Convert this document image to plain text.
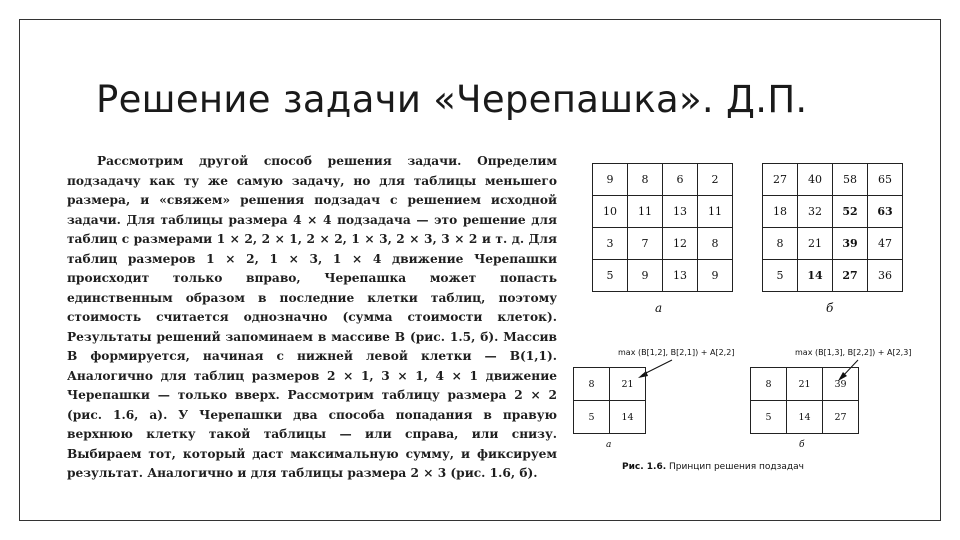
Решение задачи «Черепашка». Д.П.

Рассмотрим другой способ решения задачи. Определим подзадачу как ту же самую задачу, но для таблицы меньшего размера, и «свяжем» решения подзадач с решением исходной задачи. Для таблицы размера 4 × 4 подзадача — это решение для таблиц с размерами 1 × 2, 2 × 1, 2 × 2, 1 × 3, 2 × 3, 3 × 2 и т. д. Для таблиц размеров 1 × 2, 1 × 3, 1 × 4 движение Черепашки происходит только вправо, Черепашка может попасть единственным образом в последние клетки таблиц, поэтому стоимость считается однозначно (сумма стоимости клеток). Результаты решений запоминаем в массиве B (рис. 1.5, б). Массив B формируется, начиная с нижней левой клетки — B(1,1). Аналогично для таблиц размеров 2 × 1, 3 × 1, 4 × 1 движение Черепашки — только вверх. Рассмотрим таблицу размера 2 × 2 (рис. 1.6, а). У Черепашки два способа попадания в правую верхнюю клетку такой таблицы — или справа, или снизу. Выбираем тот, который даст максимальную сумму, и фиксируем результат. Аналогично и для таблицы размера 2 × 3 (рис. 1.6, б).

9	8	6	2
10	11	13	11
3	7	12	8
5	9	13	9
а
27	40	58	65
18	32	52	63
8	21	39	47
5	14	27	36
б
max (B[1,2], B[2,1]) + A[2,2]	max (B[1,3], B[2,2]) + A[2,3]
8	21
5	14
а
8	21	39
5	14	27
б
Рис. 1.6. Принцип решения подзадач
